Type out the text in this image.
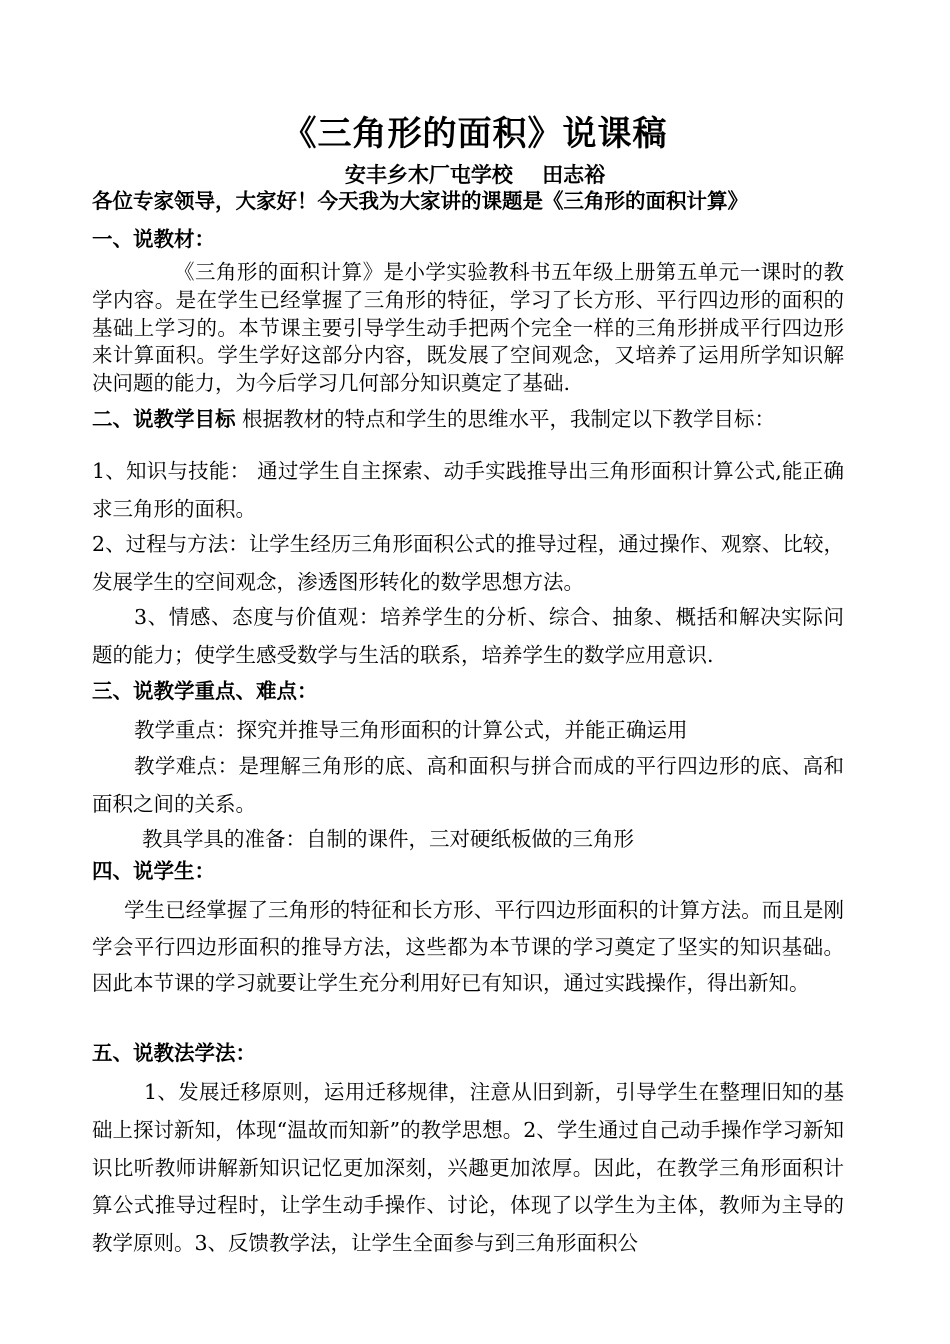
《三角形的面积》说课稿
安丰乡木厂屯学校    田志裕
各位专家领导，大家好！今天我为大家讲的课题是《三角形的面积计算》
一、说教材：
《三角形的面积计算》是小学实验教科书五年级上册第五单元一课时的教学内容。是在学生已经掌握了三角形的特征，学习了长方形、平行四边形的面积的基础上学习的。本节课主要引导学生动手把两个完全一样的三角形拼成平行四边形来计算面积。学生学好这部分内容，既发展了空间观念，又培养了运用所学知识解决问题的能力，为今后学习几何部分知识奠定了基础.
二、说教学目标 根据教材的特点和学生的思维水平，我制定以下教学目标：
1、知识与技能： 通过学生自主探索、动手实践推导出三角形面积计算公式,能正确求三角形的面积。
2、过程与方法：让学生经历三角形面积公式的推导过程，通过操作、观察、比较，发展学生的空间观念，渗透图形转化的数学思想方法。
3、情感、态度与价值观：培养学生的分析、综合、抽象、概括和解决实际问题的能力；使学生感受数学与生活的联系，培养学生的数学应用意识.
三、说教学重点、难点：
教学重点：探究并推导三角形面积的计算公式，并能正确运用
教学难点：是理解三角形的底、高和面积与拼合而成的平行四边形的底、高和面积之间的关系。
教具学具的准备：自制的课件，三对硬纸板做的三角形
四、说学生：
学生已经掌握了三角形的特征和长方形、平行四边形面积的计算方法。而且是刚学会平行四边形面积的推导方法，这些都为本节课的学习奠定了坚实的知识基础。因此本节课的学习就要让学生充分利用好已有知识，通过实践操作，得出新知。
五、说教法学法：
1、发展迁移原则，运用迁移规律，注意从旧到新，引导学生在整理旧知的基础上探讨新知，体现“温故而知新”的教学思想。2、学生通过自己动手操作学习新知识比听教师讲解新知识记忆更加深刻，兴趣更加浓厚。因此，在教学三角形面积计算公式推导过程时，让学生动手操作、讨论，体现了以学生为主体，教师为主导的教学原则。3、反馈教学法，让学生全面参与到三角形面积公
